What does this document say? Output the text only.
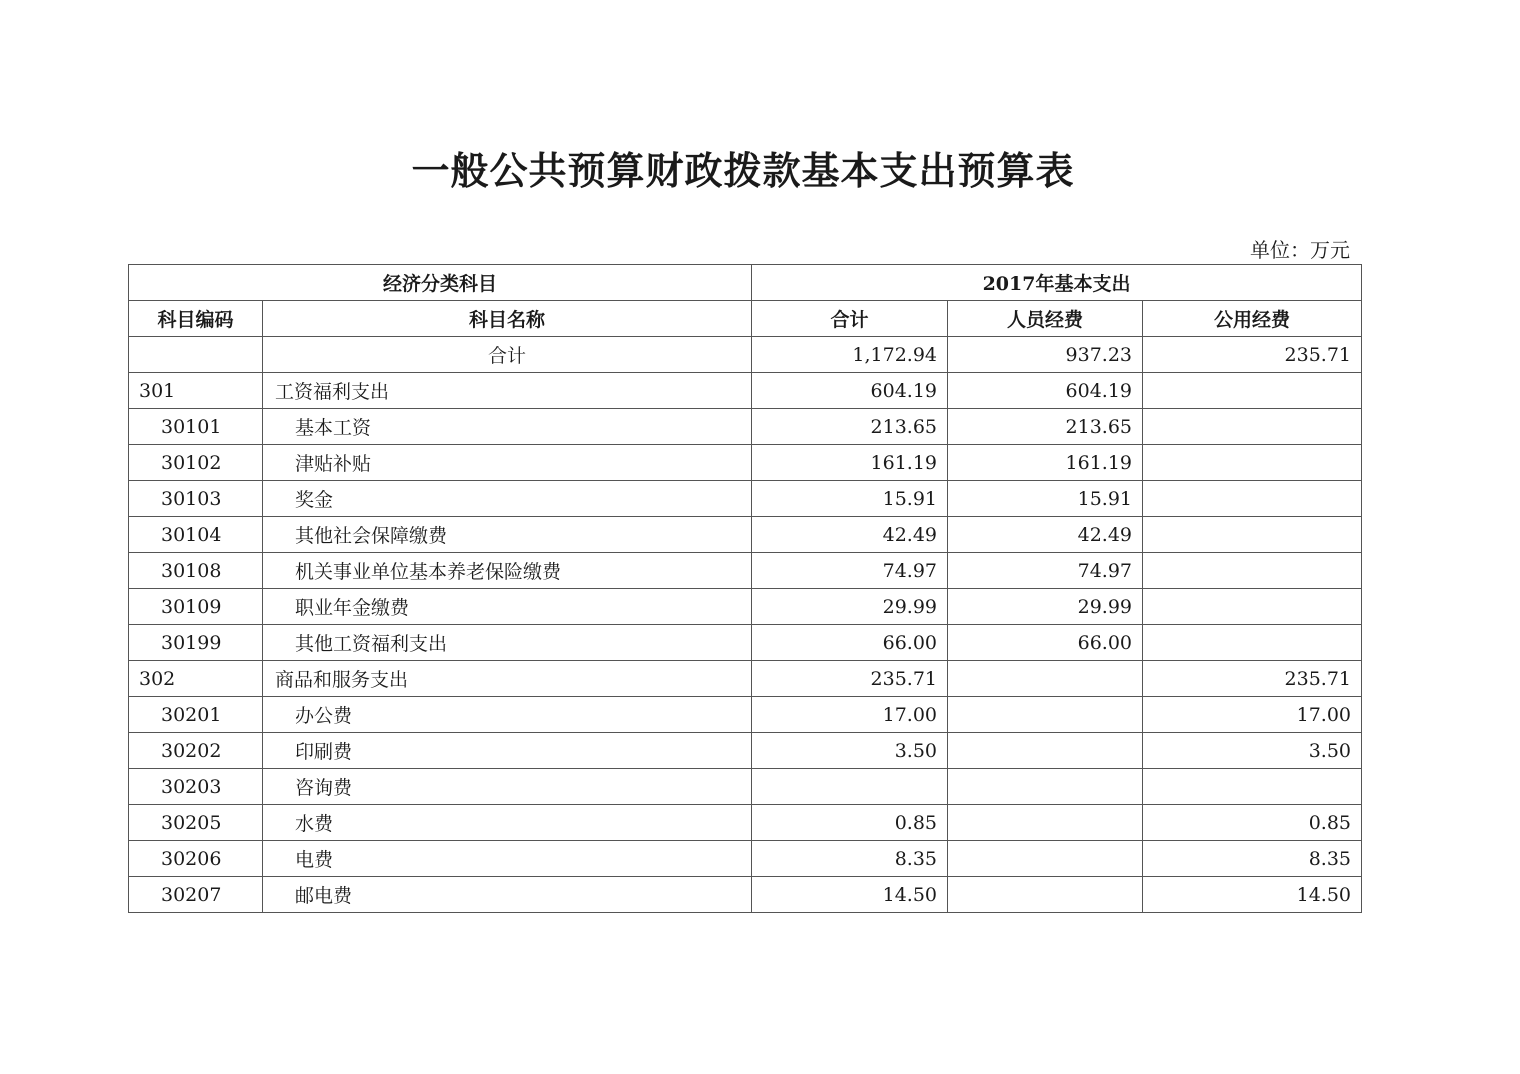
一般公共预算财政拨款基本支出预算表
单位：万元
经济分类科目		2017年基本支出		
科目编码	科目名称	合计	人员经费	公用经费
	合计	1,172.94	937.23	235.71
301	工资福利支出	604.19	604.19	
30101	基本工资	213.65	213.65	
30102	津贴补贴	161.19	161.19	
30103	奖金	15.91	15.91	
30104	其他社会保障缴费	42.49	42.49	
30108	机关事业单位基本养老保险缴费	74.97	74.97	
30109	职业年金缴费	29.99	29.99	
30199	其他工资福利支出	66.00	66.00	
302	商品和服务支出	235.71		235.71
30201	办公费	17.00		17.00
30202	印刷费	3.50		3.50
30203	咨询费			
30205	水费	0.85		0.85
30206	电费	8.35		8.35
30207	邮电费	14.50		14.50
